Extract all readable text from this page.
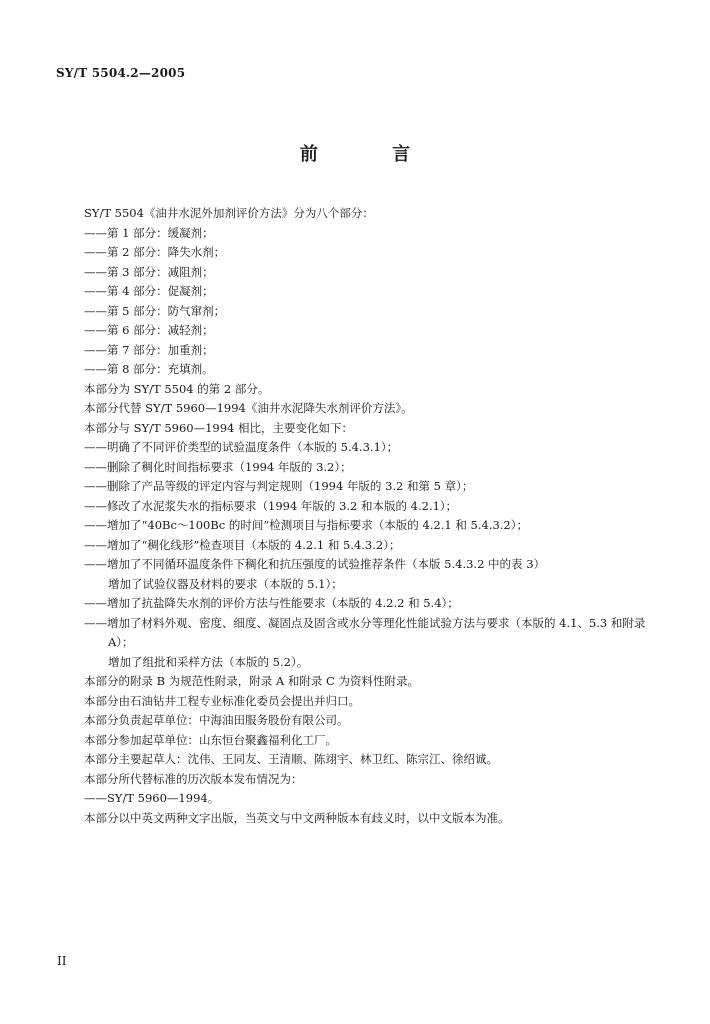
SY/T 5504.2—2005
前 言
SY/T 5504《油井水泥外加剂评价方法》分为八个部分：
——第 1 部分：缓凝剂；
——第 2 部分：降失水剂；
——第 3 部分：减阻剂；
——第 4 部分：促凝剂；
——第 5 部分：防气窜剂；
——第 6 部分：减轻剂；
——第 7 部分：加重剂；
——第 8 部分：充填剂。
本部分为 SY/T 5504 的第 2 部分。
本部分代替 SY/T 5960—1994《油井水泥降失水剂评价方法》。
本部分与 SY/T 5960—1994 相比，主要变化如下：
——明确了不同评价类型的试验温度条件（本版的 5.4.3.1）；
——删除了稠化时间指标要求（1994 年版的 3.2）；
——删除了产品等级的评定内容与判定规则（1994 年版的 3.2 和第 5 章）；
——修改了水泥浆失水的指标要求（1994 年版的 3.2 和本版的 4.2.1）；
——增加了“40Bc～100Bc 的时间”检测项目与指标要求（本版的 4.2.1 和 5.4.3.2）；
——增加了“稠化线形”检查项目（本版的 4.2.1 和 5.4.3.2）；
——增加了不同循环温度条件下稠化和抗压强度的试验推荐条件（本版 5.4.3.2 中的表 3）
增加了试验仪器及材料的要求（本版的 5.1）；
——增加了抗盐降失水剂的评价方法与性能要求（本版的 4.2.2 和 5.4）；
——增加了材料外观、密度、细度、凝固点及固含或水分等理化性能试验方法与要求（本版的 4.1、5.3 和附录 A）；
增加了组批和采样方法（本版的 5.2）。
本部分的附录 B 为规范性附录，附录 A 和附录 C 为资料性附录。
本部分由石油钻井工程专业标准化委员会提出并归口。
本部分负责起草单位：中海油田服务股份有限公司。
本部分参加起草单位：山东恒台聚鑫福利化工厂。
本部分主要起草人：沈伟、王同友、王清顺、陈翊宇、林卫红、陈宗江、徐绍诚。
本部分所代替标准的历次版本发布情况为：
——SY/T 5960—1994。
本部分以中英文两种文字出版，当英文与中文两种版本有歧义时，以中文版本为准。
II
